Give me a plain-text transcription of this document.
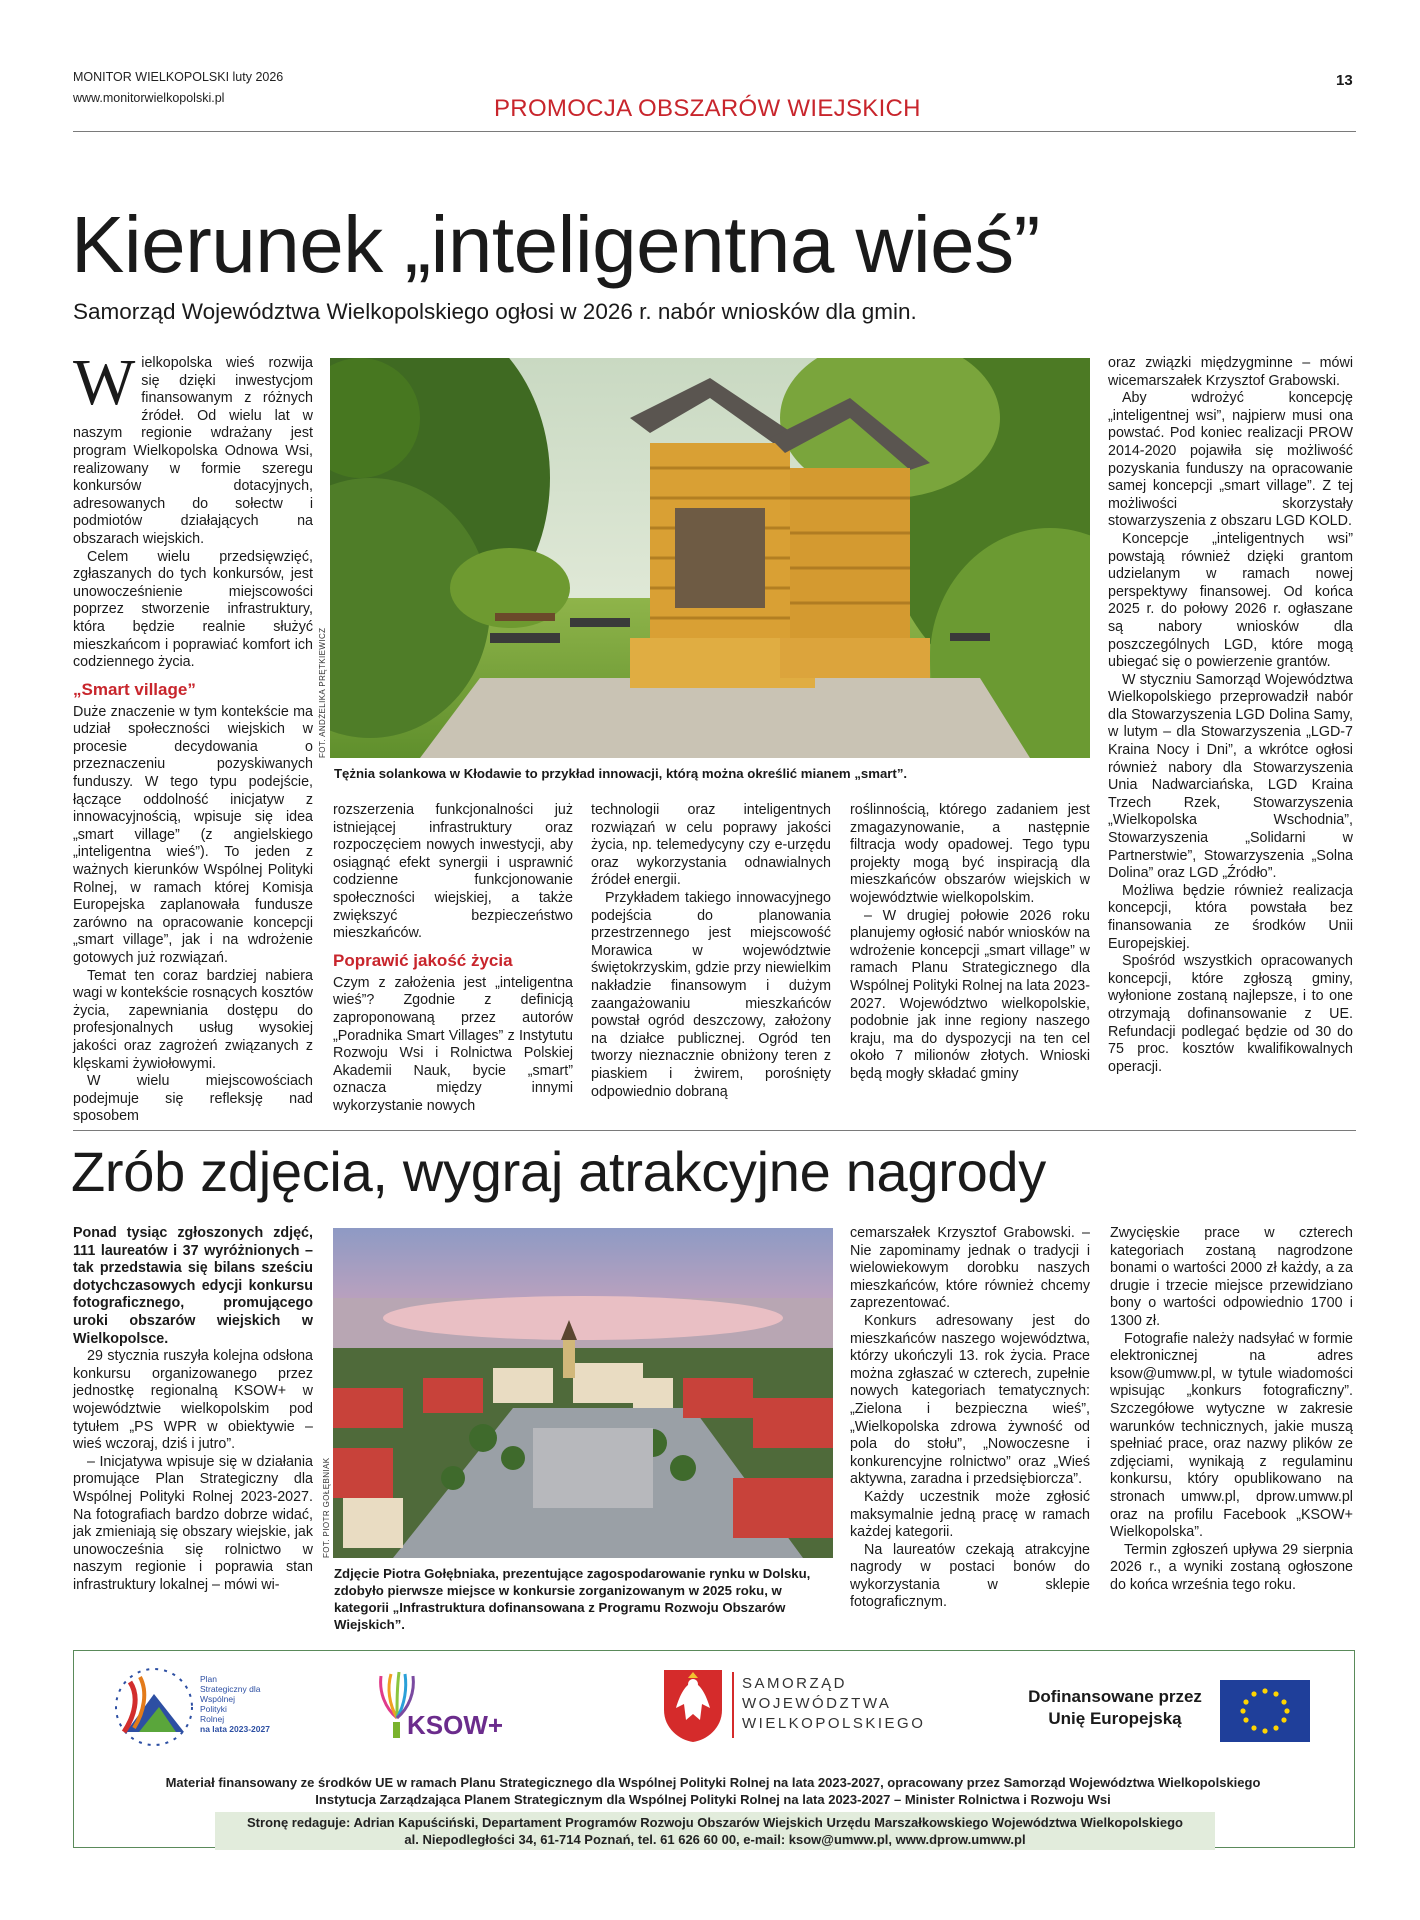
MONITOR WIELKOPOLSKI luty 2026
www.monitorwielkopolski.pl	PROMOCJA OBSZARÓW WIEJSKICH
13
Kierunek „inteligentna wieś”
Samorząd Województwa Wielkopolskiego ogłosi w 2026 r. nabór wniosków dla gmin.
W ielkopolska wieś rozwija się dzięki inwestycjom finansowanym z różnych źródeł. Od wielu lat w naszym regionie wdrażany jest program Wielkopolska Odnowa Wsi, realizowany w formie szeregu konkursów dotacyjnych, adresowanych do sołectw i podmiotów działających na obszarach wiejskich.

Celem wielu przedsięwzięć, zgłaszanych do tych konkursów, jest unowocześnienie miejscowości poprzez stworzenie infrastruktury, która będzie realnie służyć mieszkańcom i poprawiać komfort ich codziennego życia.

„Smart village”

Duże znaczenie w tym kontekście ma udział społeczności wiejskich w procesie decydowania o przeznaczeniu pozyskiwanych funduszy. W tego typu podejście, łączące oddolność inicjatyw z innowacyjnością, wpisuje się idea „smart village” (z angielskiego „inteligentna wieś”). To jeden z ważnych kierunków Wspólnej Polityki Rolnej, w ramach której Komisja Europejska zaplanowała fundusze zarówno na opracowanie koncepcji „smart village”, jak i na wdrożenie gotowych już rozwiązań.

Temat ten coraz bardziej nabiera wagi w kontekście rosnących kosztów życia, zapewniania dostępu do profesjonalnych usług wysokiej jakości oraz zagrożeń związanych z klęskami żywiołowymi.

W wielu miejscowościach podejmuje się refleksję nad sposobem

FOT. ANDŻELIKA PRĘTKIEWICZ
Tężnia solankowa w Kłodawie to przykład innowacji, którą można określić mianem „smart”.

rozszerzenia funkcjonalności już istniejącej infrastruktury oraz rozpoczęciem nowych inwestycji, aby osiągnąć efekt synergii i usprawnić codzienne funkcjonowanie społeczności wiejskiej, a także zwiększyć bezpieczeństwo mieszkańców.

Poprawić jakość życia

Czym z założenia jest „inteligentna wieś”? Zgodnie z definicją zaproponowaną przez autorów „Poradnika Smart Villages” z Instytutu Rozwoju Wsi i Rolnictwa Polskiej Akademii Nauk, bycie „smart” oznacza między innymi wykorzystanie nowych

technologii oraz inteligentnych rozwiązań w celu poprawy jakości życia, np. telemedycyny czy e-urzędu oraz wykorzystania odnawialnych źródeł energii.

Przykładem takiego innowacyjnego podejścia do planowania przestrzennego jest miejscowość Morawica w województwie świętokrzyskim, gdzie przy niewielkim nakładzie finansowym i dużym zaangażowaniu mieszkańców powstał ogród deszczowy, założony na działce publicznej. Ogród ten tworzy nieznacznie obniżony teren z piaskiem i żwirem, porośnięty odpowiednio dobraną

roślinnością, którego zadaniem jest zmagazynowanie, a następnie filtracja wody opadowej. Tego typu projekty mogą być inspiracją dla mieszkańców obszarów wiejskich w województwie wielkopolskim.

– W drugiej połowie 2026 roku planujemy ogłosić nabór wniosków na wdrożenie koncepcji „smart village” w ramach Planu Strategicznego dla Wspólnej Polityki Rolnej na lata 2023-2027. Województwo wielkopolskie, podobnie jak inne regiony naszego kraju, ma do dyspozycji na ten cel około 7 milionów złotych. Wnioski będą mogły składać gminy

oraz związki międzygminne – mówi wicemarszałek Krzysztof Grabowski.

Aby wdrożyć koncepcję „inteligentnej wsi”, najpierw musi ona powstać. Pod koniec realizacji PROW 2014-2020 pojawiła się możliwość pozyskania funduszy na opracowanie samej koncepcji „smart village”. Z tej możliwości skorzystały stowarzyszenia z obszaru LGD KOLD.

Koncepcje „inteligentnych wsi” powstają również dzięki grantom udzielanym w ramach nowej perspektywy finansowej. Od końca 2025 r. do połowy 2026 r. ogłaszane są nabory wniosków dla poszczególnych LGD, które mogą ubiegać się o powierzenie grantów.

W styczniu Samorząd Województwa Wielkopolskiego przeprowadził nabór dla Stowarzyszenia LGD Dolina Samy, w lutym – dla Stowarzyszenia „LGD-7 Kraina Nocy i Dni”, a wkrótce ogłosi również nabory dla Stowarzyszenia Unia Nadwarciańska, LGD Kraina Trzech Rzek, Stowarzyszenia „Wielkopolska Wschodnia”, Stowarzyszenia „Solidarni w Partnerstwie”, Stowarzyszenia „Solna Dolina” oraz LGD „Źródło”.

Możliwa będzie również realizacja koncepcji, która powstała bez finansowania ze środków Unii Europejskiej.

Spośród wszystkich opracowanych koncepcji, które zgłoszą gminy, wyłonione zostaną najlepsze, i to one otrzymają dofinansowanie z UE. Refundacji podlegać będzie od 30 do 75 proc. kosztów kwalifikowalnych operacji.

Zrób zdjęcia, wygraj atrakcyjne nagrody

Ponad tysiąc zgłoszonych zdjęć, 111 laureatów i 37 wyróżnionych – tak przedstawia się bilans sześciu dotychczasowych edycji konkursu fotograficznego, promującego uroki obszarów wiejskich w Wielkopolsce.

29 stycznia ruszyła kolejna odsłona konkursu organizowanego przez jednostkę regionalną KSOW+ w województwie wielkopolskim pod tytułem „PS WPR w obiektywie – wieś wczoraj, dziś i jutro”.

– Inicjatywa wpisuje się w działania promujące Plan Strategiczny dla Wspólnej Polityki Rolnej 2023-2027. Na fotografiach bardzo dobrze widać, jak zmieniają się obszary wiejskie, jak unowocześnia się rolnictwo w naszym regionie i poprawia stan infrastruktury lokalnej – mówi wi-

FOT. PIOTR GOŁĘBNIAK
Zdjęcie Piotra Gołębniaka, prezentujące zagospodarowanie rynku w Dolsku, zdobyło pierwsze miejsce w konkursie zorganizowanym w 2025 roku, w kategorii „Infrastruktura dofinansowana z Programu Rozwoju Obszarów Wiejskich”.

cemarszałek Krzysztof Grabowski. – Nie zapominamy jednak o tradycji i wielowiekowym dorobku naszych mieszkańców, które również chcemy zaprezentować.

Konkurs adresowany jest do mieszkańców naszego województwa, którzy ukończyli 13. rok życia. Prace można zgłaszać w czterech, zupełnie nowych kategoriach tematycznych: „Zielona i bezpieczna wieś”, „Wielkopolska zdrowa żywność od pola do stołu”, „Nowoczesne i konkurencyjne rolnictwo” oraz „Wieś aktywna, zaradna i przedsiębiorcza”.

Każdy uczestnik może zgłosić maksymalnie jedną pracę w ramach każdej kategorii.

Na laureatów czekają atrakcyjne nagrody w postaci bonów do wykorzystania w sklepie fotograficznym.

Zwycięskie prace w czterech kategoriach zostaną nagrodzone bonami o wartości 2000 zł każdy, a za drugie i trzecie miejsce przewidziano bony o wartości odpowiednio 1700 i 1300 zł.

Fotografie należy nadsyłać w formie elektronicznej na adres ksow@umww.pl, w tytule wiadomości wpisując „konkurs fotograficzny”. Szczegółowe wytyczne w zakresie warunków technicznych, jakie muszą spełniać prace, oraz nazwy plików ze zdjęciami, wynikają z regulaminu konkursu, który opublikowano na stronach umww.pl, dprow.umww.pl oraz na profilu Facebook „KSOW+ Wielkopolska”.

Termin zgłoszeń upływa 29 sierpnia 2026 r., a wyniki zostaną ogłoszone do końca września tego roku.

Plan
Strategiczny dla
Wspólnej
Polityki
Rolnej
na lata 2023-2027	KSOW+
SAMORZĄD
WOJEWÓDZTWA
WIELKOPOLSKIEGO
Dofinansowane przez
Unię Europejską
Materiał finansowany ze środków UE w ramach Planu Strategicznego dla Wspólnej Polityki Rolnej na lata 2023-2027, opracowany przez Samorząd Województwa Wielkopolskiego
Instytucja Zarządzająca Planem Strategicznym dla Wspólnej Polityki Rolnej na lata 2023-2027 – Minister Rolnictwa i Rozwoju Wsi
Stronę redaguje: Adrian Kapuściński, Departament Programów Rozwoju Obszarów Wiejskich Urzędu Marszałkowskiego Województwa Wielkopolskiego
al. Niepodległości 34, 61-714 Poznań, tel. 61 626 60 00, e-mail: ksow@umww.pl, www.dprow.umww.pl
